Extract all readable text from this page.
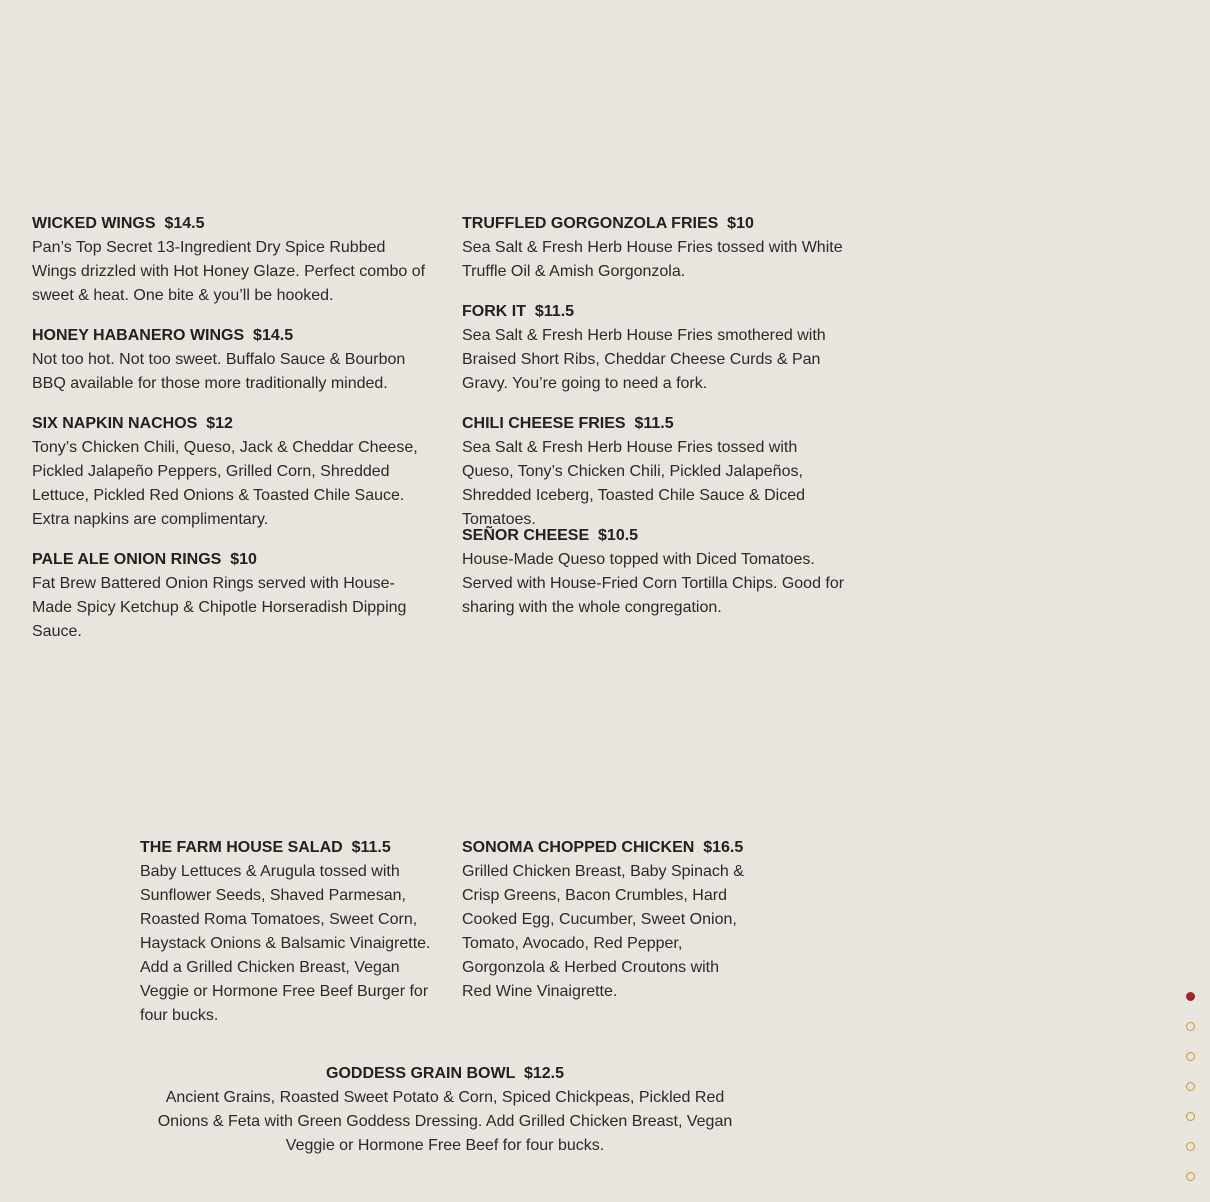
WICKED WINGS  $14.5
Pan’s Top Secret 13-Ingredient Dry Spice Rubbed Wings drizzled with Hot Honey Glaze. Perfect combo of sweet & heat. One bite & you’ll be hooked.
HONEY HABANERO WINGS  $14.5
Not too hot. Not too sweet. Buffalo Sauce & Bourbon BBQ available for those more traditionally minded.
SIX NAPKIN NACHOS  $12
Tony’s Chicken Chili, Queso, Jack & Cheddar Cheese, Pickled Jalapeño Peppers, Grilled Corn, Shredded Lettuce, Pickled Red Onions & Toasted Chile Sauce. Extra napkins are complimentary.
PALE ALE ONION RINGS  $10
Fat Brew Battered Onion Rings served with House-Made Spicy Ketchup & Chipotle Horseradish Dipping Sauce.
TRUFFLED GORGONZOLA FRIES  $10
Sea Salt & Fresh Herb House Fries tossed with White Truffle Oil & Amish Gorgonzola.
FORK IT  $11.5
Sea Salt & Fresh Herb House Fries smothered with Braised Short Ribs, Cheddar Cheese Curds & Pan Gravy. You’re going to need a fork.
CHILI CHEESE FRIES  $11.5
Sea Salt & Fresh Herb House Fries tossed with Queso, Tony’s Chicken Chili, Pickled Jalapeños, Shredded Iceberg, Toasted Chile Sauce & Diced Tomatoes.
SEÑOR CHEESE  $10.5
House-Made Queso topped with Diced Tomatoes. Served with House-Fried Corn Tortilla Chips. Good for sharing with the whole congregation.
THE FARM HOUSE SALAD  $11.5
Baby Lettuces & Arugula tossed with Sunflower Seeds, Shaved Parmesan, Roasted Roma Tomatoes, Sweet Corn, Haystack Onions & Balsamic Vinaigrette. Add a Grilled Chicken Breast, Vegan Veggie or Hormone Free Beef Burger for four bucks.
SONOMA CHOPPED CHICKEN  $16.5
Grilled Chicken Breast, Baby Spinach & Crisp Greens, Bacon Crumbles, Hard Cooked Egg, Cucumber, Sweet Onion, Tomato, Avocado, Red Pepper, Gorgonzola & Herbed Croutons with Red Wine Vinaigrette.
GODDESS GRAIN BOWL  $12.5
Ancient Grains, Roasted Sweet Potato & Corn, Spiced Chickpeas, Pickled Red Onions & Feta with Green Goddess Dressing. Add Grilled Chicken Breast, Vegan Veggie or Hormone Free Beef for four bucks.
